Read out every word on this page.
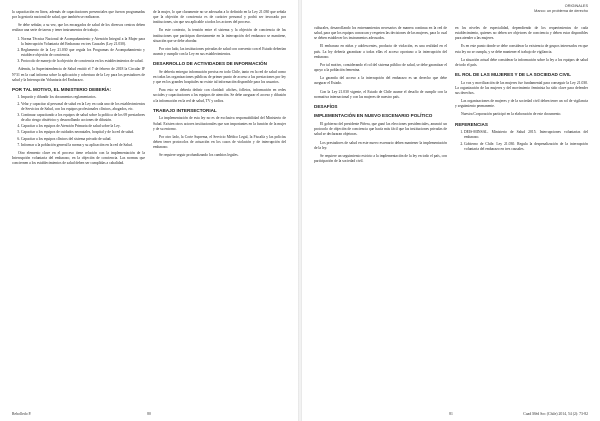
la capacitación en línea, además de capacitaciones presenciales que fueron programadas por la gestoría nacional de salud, que también se realizaron.

Se debe señalar, a su vez, que los encargados de salud de los diversos centros deben realizar una serie de tareas y tener instrumentos de trabajo.

1. Norma Técnica Nacional de Acompañamiento y Atención Integral a la Mujer para la Interrupción Voluntaria del Embarazo en tres Causales (Ley 21.030).
2. Reglamento de la Ley 21.030 que regula los Programas de Acompañamiento y establece objeción de conciencia.
3. Protocolo de manejo de la objeción de conciencia en los establecimientos de salud.

Además, la Superintendencia de Salud emitió el 7 de febrero de 2018 la Circular IF N°31 en la cual informa sobre la aplicación y cobertura de la Ley para los prestadores de salud y la Interrupción Voluntaria del Embarazo.

POR TAL MOTIVO, EL MINISTERIO DEBERÍA:
1. Impartir y difundir los documentos reglamentarios.
2. Velar y capacitar al personal de salud en la Ley en cada uno de los establecimientos de Servicios de Salud, con los equipos profesionales clínicos, abogados, etc.
3. Continuar capacitando a los equipos de salud sobre la política de los 69 prestadores de alto riesgo obstétrico y desarrollando acciones de difusión.
4. Capacitar a los equipos de Atención Primaria de salud sobre la Ley.
5. Capacitar a los equipos de cuidados neonatales, hospital y de la red de salud.
6. Capacitar a los equipos clínicos del sistema privado de salud.
7. Informar a la población general la norma y su aplicación en la red de Salud.

Otro elemento clave en el proceso tiene relación con la implementación de la Interrupción voluntaria del embarazo, en la objeción de conciencia. Las normas que conciernen a los establecimientos de salud deben ser cumplidas a cabalidad.

de la mujer, lo que claramente no se adecuaba a lo definido en la Ley 21.030 que señala que la objeción de conciencia es de carácter personal y podrá ser invocada por instituciones, sin que sea aplicable a todos los actores del proceso.

En este contexto, la tensión entre el sistema y la objeción de conciencia de las instituciones que participan directamente en la interrupción del embarazo se mantiene, situación que se debe abordar.

Por otro lado, las instituciones privadas de salud con convenio con el Estado deberían asumir y cumplir con la Ley en sus establecimientos.

DESARROLLO DE ACTIVIDADES DE INFORMACIÓN

Se debería entregar información precisa en todo Chile, tanto en la red de salud como en todas las organizaciones públicas de primer punto de acceso a las prestaciones por ley y que en los grandes hospitales no existe tal información disponible para los usuarios.

Para esto se debería definir con claridad: afiches, folletos, información en redes sociales y capacitaciones a los equipos de atención. Se debe asegurar el acceso y difusión a la información en la red de salud, TV y radios.

TRABAJO INTERSECTORIAL

La implementación de esta ley no es de exclusiva responsabilidad del Ministerio de Salud. Existen otros actores institucionales que son importantes en la función de la mujer y de su entorno.

Por otro lado, la Corte Suprema, el Servicio Médico Legal, la Fiscalía y las policías deben tener protocolos de actuación en los casos de violación y de interrupción del embarazo.

Se requiere seguir profundizando los cambios legales.

Rebolledo P.	80
ORIGINALES
Marco: un problema de derecho

culturales, desarrollando los entrenamientos necesarios de manera continua en la red de salud, para que los equipos conozcan y respeten las decisiones de las mujeres, para lo cual se deben establecer los instrumentos adecuados.

El embarazo en niñas y adolescentes, producto de violación, es una realidad en el país. La ley debería garantizar a todas ellas el acceso oportuno a la interrupción del embarazo.

Por tal motivo, considerando el rol del sistema público de salud, se debe garantizar el apoyo a la población femenina.

La garantía del acceso a la interrupción del embarazo es un derecho que debe asegurar el Estado.

Con la Ley 21.030 vigente, el Estado de Chile asume el desafío de cumplir con la normativa internacional y con las mujeres de nuestro país.

DESAFÍOS
IMPLEMENTACIÓN EN NUEVO ESCENARIO POLÍTICO

El gobierno del presidente Piñera, que ganó las elecciones presidenciales, anunció un protocolo de objeción de conciencia que hacía más fácil que las instituciones privadas de salud se declararan objetoras.

Los prestadores de salud en este nuevo escenario deben mantener la implementación de la ley.

Se requiere un seguimiento estricto a la implementación de la ley en todo el país, con participación de la sociedad civil.

en los niveles de especialidad, dependiendo de los requerimientos de cada establecimiento, quienes no deben ser objetores de conciencia y deben estar disponibles para atender a las mujeres.

Es en este punto donde se debe considerar la existencia de grupos interesados en que esta ley no se cumpla, y se debe mantener el trabajo de vigilancia.

La situación actual debe considerar la información sobre la ley a los equipos de salud de todo el país.

EL ROL DE LAS MUJERES Y DE LA SOCIEDAD CIVIL

La voz y movilización de las mujeres fue fundamental para conseguir la Ley 21.030. La organización de las mujeres y del movimiento feminista ha sido clave para defender sus derechos.

Las organizaciones de mujeres y de la sociedad civil deben tener un rol de vigilancia y seguimiento permanente.

Nuestra Corporación participó en la elaboración de este documento.

REFERENCIAS
1. DEIS-MINSAL. Ministerio de Salud 2015. Interrupciones voluntarias del embarazo.
2. Gobierno de Chile. Ley 21.030. Regula la despenalización de la interrupción voluntaria del embarazo en tres causales.
81	Cuad Méd Soc (Chile) 2014, 54 (2): 73-82
